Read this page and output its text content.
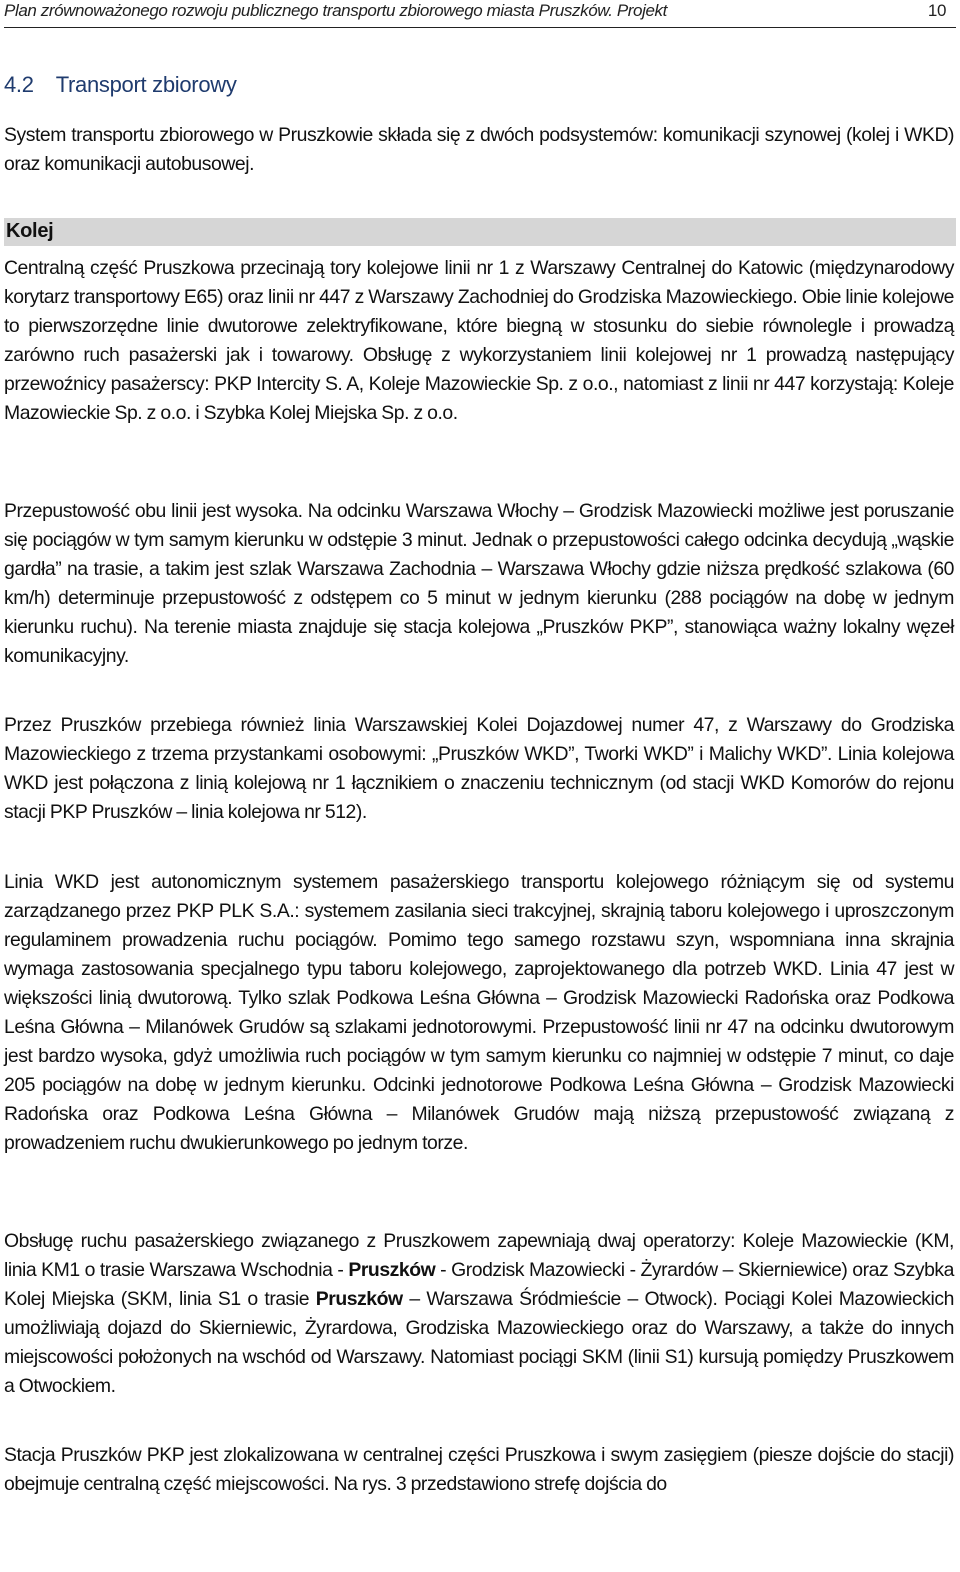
Plan zrównoważonego rozwoju publicznego transportu zbiorowego miasta Pruszków. Projekt	10
4.2 Transport zbiorowy

System transportu zbiorowego w Pruszkowie składa się z dwóch podsystemów: komunikacji szynowej (kolej i WKD) oraz komunikacji autobusowej.

Kolej

Centralną część Pruszkowa przecinają tory kolejowe linii nr 1 z Warszawy Centralnej do Katowic (międzynarodowy korytarz transportowy E65) oraz linii nr 447 z Warszawy Zachodniej do Grodziska Mazowieckiego. Obie linie kolejowe to pierwszorzędne linie dwutorowe zelektryfikowane, które biegną w stosunku do siebie równolegle i prowadzą zarówno ruch pasażerski jak i towarowy. Obsługę z wykorzystaniem linii kolejowej nr 1 prowadzą następujący przewoźnicy pasażerscy: PKP Intercity S. A, Koleje Mazowieckie Sp. z o.o., natomiast z linii nr 447 korzystają: Koleje Mazowieckie Sp. z o.o. i Szybka Kolej Miejska Sp. z o.o.

Przepustowość obu linii jest wysoka. Na odcinku Warszawa Włochy – Grodzisk Mazowiecki możliwe jest poruszanie się pociągów w tym samym kierunku w odstępie 3 minut. Jednak o przepustowości całego odcinka decydują „wąskie gardła” na trasie, a takim jest szlak Warszawa Zachodnia – Warszawa Włochy gdzie niższa prędkość szlakowa (60 km/h) determinuje przepustowość z odstępem co 5 minut w jednym kierunku (288 pociągów na dobę w jednym kierunku ruchu). Na terenie miasta znajduje się stacja kolejowa „Pruszków PKP”, stanowiąca ważny lokalny węzeł komunikacyjny.

Przez Pruszków przebiega również linia Warszawskiej Kolei Dojazdowej numer 47, z Warszawy do Grodziska Mazowieckiego z trzema przystankami osobowymi: „Pruszków WKD”, Tworki WKD” i Malichy WKD”. Linia kolejowa WKD jest połączona z linią kolejową nr 1 łącznikiem o znaczeniu technicznym (od stacji WKD Komorów do rejonu stacji PKP Pruszków – linia kolejowa nr 512).

Linia WKD jest autonomicznym systemem pasażerskiego transportu kolejowego różniącym się od systemu zarządzanego przez PKP PLK S.A.: systemem zasilania sieci trakcyjnej, skrajnią taboru kolejowego i uproszczonym regulaminem prowadzenia ruchu pociągów. Pomimo tego samego rozstawu szyn, wspomniana inna skrajnia wymaga zastosowania specjalnego typu taboru kolejowego, zaprojektowanego dla potrzeb WKD. Linia 47 jest w większości linią dwutorową. Tylko szlak Podkowa Leśna Główna – Grodzisk Mazowiecki Radońska oraz Podkowa Leśna Główna – Milanówek Grudów są szlakami jednotorowymi. Przepustowość linii nr 47 na odcinku dwutorowym jest bardzo wysoka, gdyż umożliwia ruch pociągów w tym samym kierunku co najmniej w odstępie 7 minut, co daje 205 pociągów na dobę w jednym kierunku. Odcinki jednotorowe Podkowa Leśna Główna – Grodzisk Mazowiecki Radońska oraz Podkowa Leśna Główna – Milanówek Grudów mają niższą przepustowość związaną z prowadzeniem ruchu dwukierunkowego po jednym torze.

Obsługę ruchu pasażerskiego związanego z Pruszkowem zapewniają dwaj operatorzy: Koleje Mazowieckie (KM, linia KM1 o trasie Warszawa Wschodnia - Pruszków - Grodzisk Mazowiecki - Żyrardów – Skierniewice) oraz Szybka Kolej Miejska (SKM, linia S1 o trasie Pruszków – Warszawa Śródmieście – Otwock). Pociągi Kolei Mazowieckich umożliwiają dojazd do Skierniewic, Żyrardowa, Grodziska Mazowieckiego oraz do Warszawy, a także do innych miejscowości położonych na wschód od Warszawy. Natomiast pociągi SKM (linii S1) kursują pomiędzy Pruszkowem a Otwockiem.

Stacja Pruszków PKP jest zlokalizowana w centralnej części Pruszkowa i swym zasięgiem (piesze dojście do stacji) obejmuje centralną część miejscowości. Na rys. 3 przedstawiono strefę dojścia do
